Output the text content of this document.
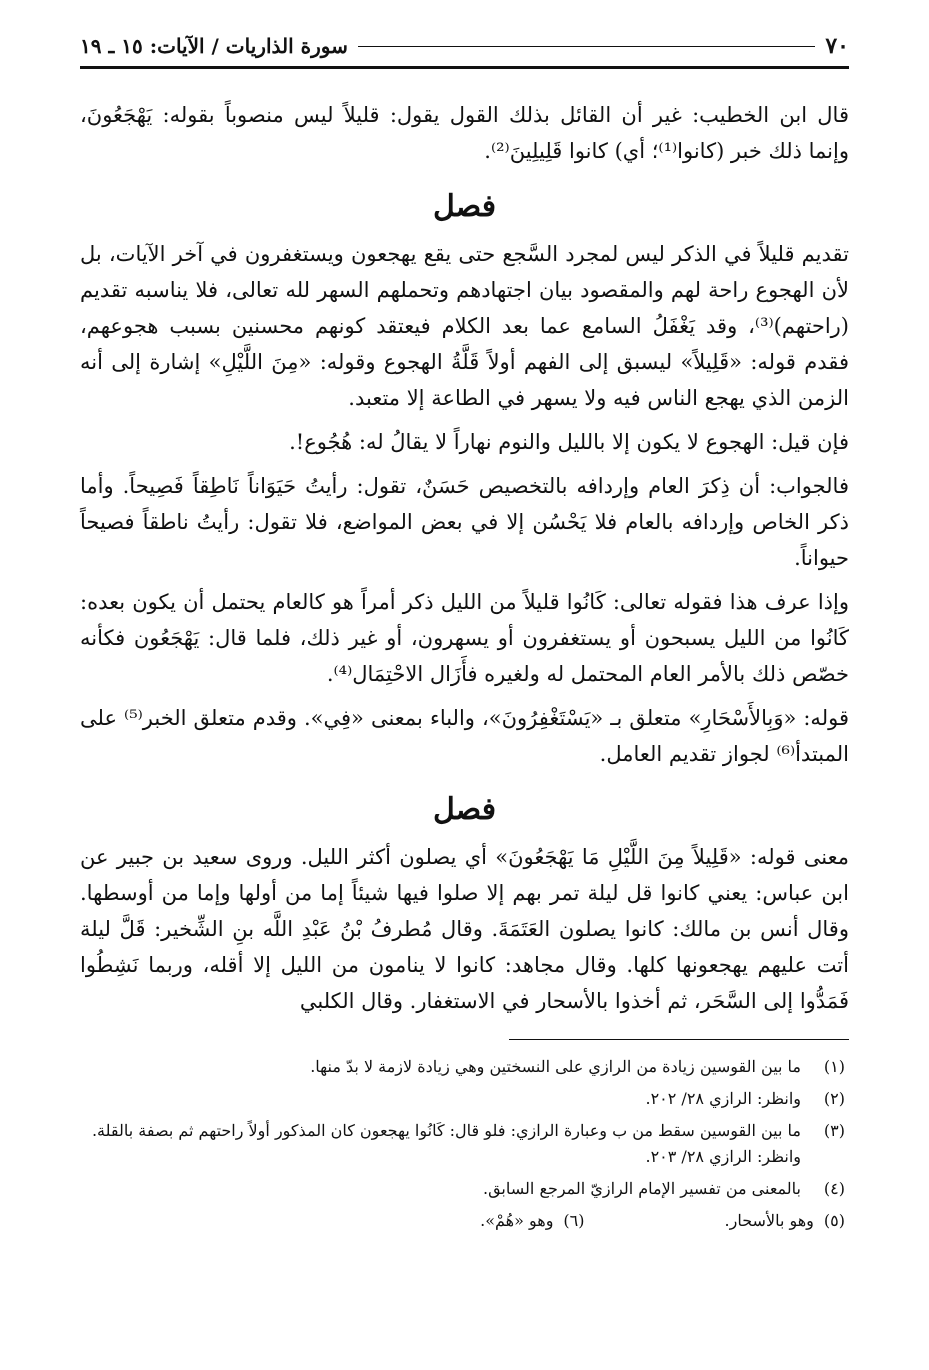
٧٠
سورة الذاريات / الآيات: ١٥ ـ ١٩

قال ابن الخطيب: غير أن القائل بذلك القول يقول: قليلاً ليس منصوباً بقوله: يَهْجَعُونَ، وإنما ذلك خبر (كانوا⁽¹⁾؛ أي) كانوا قَلِيلِينَ⁽²⁾.

فصل

تقديم قليلاً في الذكر ليس لمجرد السَّجع حتى يقع يهجعون ويستغفرون في آخر الآيات، بل لأن الهجوع راحة لهم والمقصود بيان اجتهادهم وتحملهم السهر لله تعالى، فلا يناسبه تقديم (راحتهم)⁽³⁾، وقد يَغْفَلُ السامع عما بعد الكلام فيعتقد كونهم محسنين بسبب هجوعهم، فقدم قوله: «قَلِيلاً» ليسبق إلى الفهم أولاً قَلَّةُ الهجوع وقوله: «مِنَ اللَّيْلِ» إشارة إلى أنه الزمن الذي يهجع الناس فيه ولا يسهر في الطاعة إلا متعبد.

فإن قيل: الهجوع لا يكون إلا بالليل والنوم نهاراً لا يقالُ له: هُجُوع!.

فالجواب: أن ذِكرَ العام وإردافه بالتخصيص حَسَنٌ، تقول: رأيتُ حَيَوَاناً نَاطِقاً فَصِيحاً. وأما ذكر الخاص وإردافه بالعام فلا يَحْسُن إلا في بعض المواضع، فلا تقول: رأيتُ ناطقاً فصيحاً حيواناً.

وإذا عرف هذا فقوله تعالى: كَانُوا قليلاً من الليل ذكر أمراً هو كالعام يحتمل أن يكون بعده: كَانُوا من الليل يسبحون أو يستغفرون أو يسهرون، أو غير ذلك، فلما قال: يَهْجَعُون فكأنه خصّص ذلك بالأمر العام المحتمل له ولغيره فأَزَال الاحْتِمَال⁽⁴⁾.

قوله: «وَبِالأَسْحَارِ» متعلق بـ «يَسْتَغْفِرُونَ»، والباء بمعنى «فِي». وقدم متعلق الخبر⁽⁵⁾ على المبتدأ⁽⁶⁾ لجواز تقديم العامل.

فصل

معنى قوله: «قَلِيلاً مِنَ اللَّيْلِ مَا يَهْجَعُونَ» أي يصلون أكثر الليل. وروى سعيد بن جبير عن ابن عباس: يعني كانوا قل ليلة تمر بهم إلا صلوا فيها شيئاً إما من أولها وإما من أوسطها. وقال أنس بن مالك: كانوا يصلون العَتَمَةَ. وقال مُطرفُ بْنُ عَبْدِ اللَّه بنِ الشِّخير: قَلَّ ليلة أتت عليهم يهجعونها كلها. وقال مجاهد: كانوا لا ينامون من الليل إلا أقله، وربما نَشِطُوا فَمَدُّوا إلى السَّحَر، ثم أخذوا بالأسحار في الاستغفار. وقال الكلبي

(١)
ما بين القوسين زيادة من الرازي على النسختين وهي زيادة لازمة لا بدّ منها.
(٢)
وانظر: الرازي ٢٨/ ٢٠٢.
(٣)
ما بين القوسين سقط من ب وعبارة الرازي: فلو قال: كَانُوا يهجعون كان المذكور أولاً راحتهم ثم بصفة بالقلة. وانظر: الرازي ٢٨/ ٢٠٣.
(٤)
بالمعنى من تفسير الإمام الرازيّ المرجع السابق.
(٥)
وهو بالأسحار.
(٦)
وهو «هُمْ».
